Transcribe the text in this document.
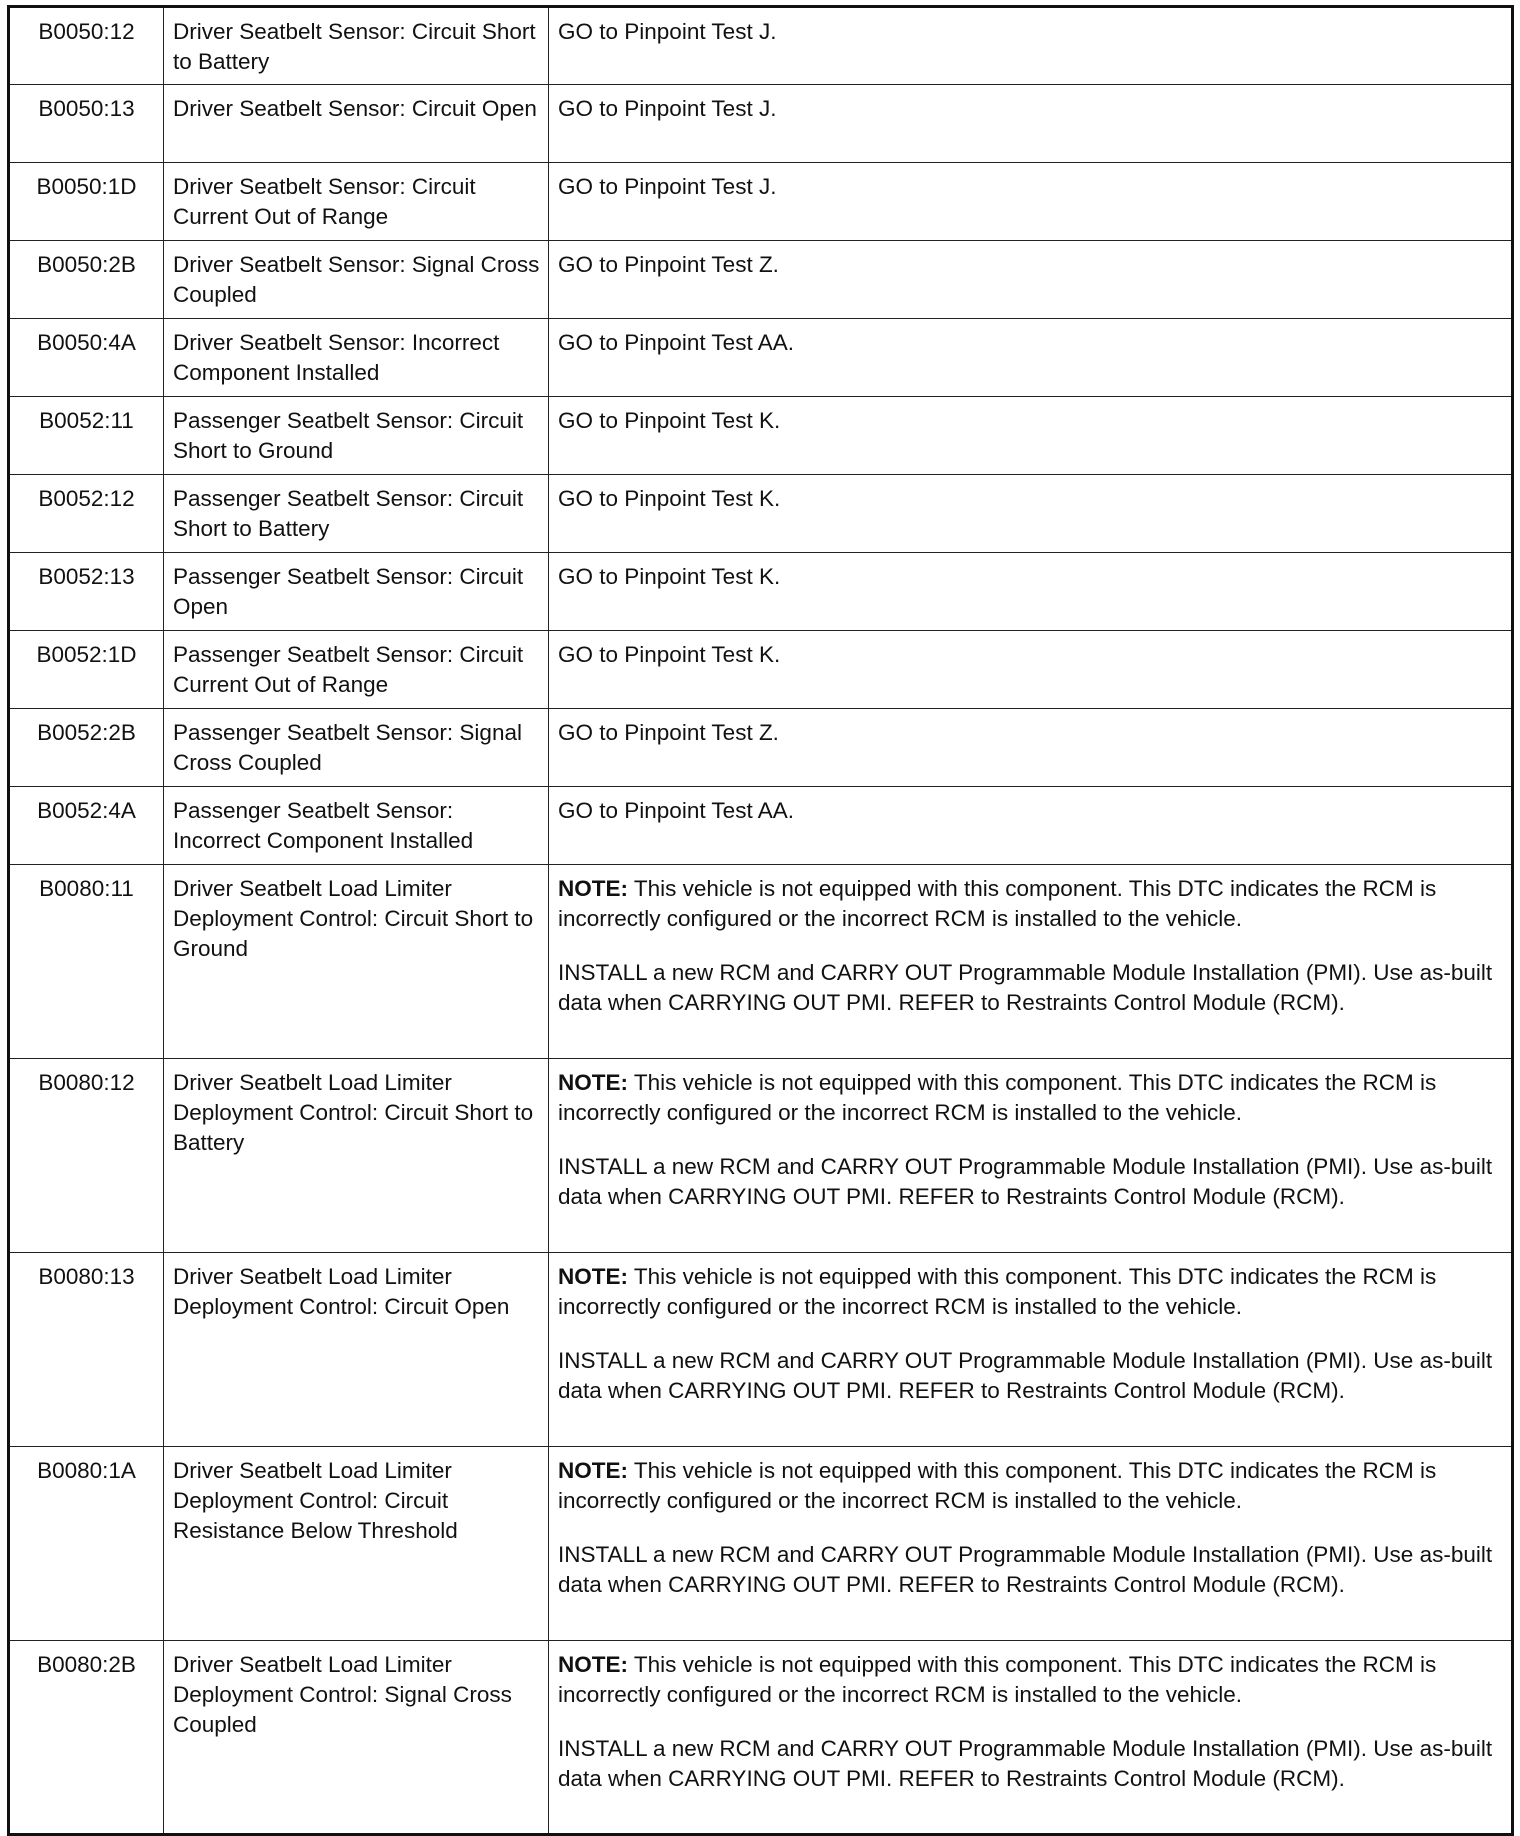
B0050:12	Driver Seatbelt Sensor: Circuit Short to Battery	GO to Pinpoint Test J.
B0050:13	Driver Seatbelt Sensor: Circuit Open	GO to Pinpoint Test J.
B0050:1D	Driver Seatbelt Sensor: Circuit Current Out of Range	GO to Pinpoint Test J.
B0050:2B	Driver Seatbelt Sensor: Signal Cross Coupled	GO to Pinpoint Test Z.
B0050:4A	Driver Seatbelt Sensor: Incorrect Component Installed	GO to Pinpoint Test AA.
B0052:11	Passenger Seatbelt Sensor: Circuit Short to Ground	GO to Pinpoint Test K.
B0052:12	Passenger Seatbelt Sensor: Circuit Short to Battery	GO to Pinpoint Test K.
B0052:13	Passenger Seatbelt Sensor: Circuit Open	GO to Pinpoint Test K.
B0052:1D	Passenger Seatbelt Sensor: Circuit Current Out of Range	GO to Pinpoint Test K.
B0052:2B	Passenger Seatbelt Sensor: Signal Cross Coupled	GO to Pinpoint Test Z.
B0052:4A	Passenger Seatbelt Sensor: Incorrect Component Installed	GO to Pinpoint Test AA.
B0080:11	Driver Seatbelt Load Limiter Deployment Control: Circuit Short to Ground	NOTE: This vehicle is not equipped with this component. This DTC indicates the RCM is incorrectly configured or the incorrect RCM is installed to the vehicle.

INSTALL a new RCM and CARRY OUT Programmable Module Installation (PMI). Use as-built data when CARRYING OUT PMI. REFER to Restraints Control Module (RCM).

B0080:12	Driver Seatbelt Load Limiter Deployment Control: Circuit Short to Battery	NOTE: This vehicle is not equipped with this component. This DTC indicates the RCM is incorrectly configured or the incorrect RCM is installed to the vehicle.

INSTALL a new RCM and CARRY OUT Programmable Module Installation (PMI). Use as-built data when CARRYING OUT PMI. REFER to Restraints Control Module (RCM).

B0080:13	Driver Seatbelt Load Limiter Deployment Control: Circuit Open	NOTE: This vehicle is not equipped with this component. This DTC indicates the RCM is incorrectly configured or the incorrect RCM is installed to the vehicle.

INSTALL a new RCM and CARRY OUT Programmable Module Installation (PMI). Use as-built data when CARRYING OUT PMI. REFER to Restraints Control Module (RCM).

B0080:1A	Driver Seatbelt Load Limiter Deployment Control: Circuit Resistance Below Threshold	NOTE: This vehicle is not equipped with this component. This DTC indicates the RCM is incorrectly configured or the incorrect RCM is installed to the vehicle.

INSTALL a new RCM and CARRY OUT Programmable Module Installation (PMI). Use as-built data when CARRYING OUT PMI. REFER to Restraints Control Module (RCM).

B0080:2B	Driver Seatbelt Load Limiter Deployment Control: Signal Cross Coupled	NOTE: This vehicle is not equipped with this component. This DTC indicates the RCM is incorrectly configured or the incorrect RCM is installed to the vehicle.

INSTALL a new RCM and CARRY OUT Programmable Module Installation (PMI). Use as-built data when CARRYING OUT PMI. REFER to Restraints Control Module (RCM).
